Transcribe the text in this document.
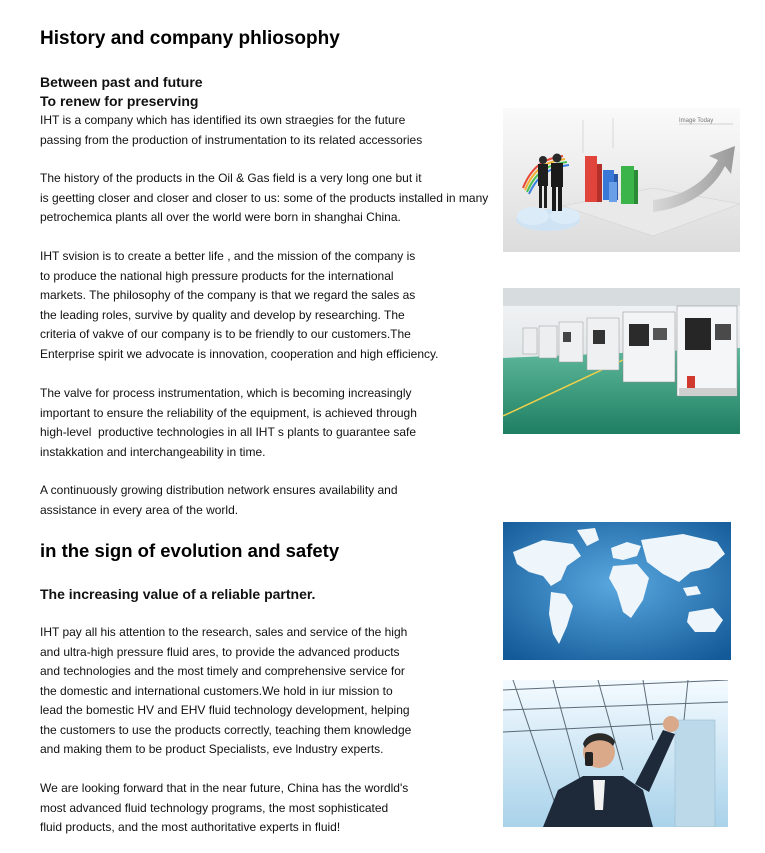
History and company phliosophy
Between past and future
To renew for preserving
IHT is a company which has identified its own straegies for the future
passing from the production of instrumentation to its related accessories
The history of the products in the Oil & Gas field is a very long one but it
is geetting closer and closer and closer to us: some of the products installed in many
petrochemica plants all over the world were born in shanghai China.
IHT svision is to create a better life , and the mission of the company is
to produce the national high pressure products for the international
markets. The philosophy of the company is that we regard the sales as
the leading roles, survive by quality and develop by researching. The
criteria of vakve of our company is to be friendly to our customers.The
Enterprise spirit we advocate is innovation, cooperation and high efficiency.
The valve for process instrumentation, which is becoming increasingly
important to ensure the reliability of the equipment, is achieved through
high-level  productive technologies in all IHT s plants to guarantee safe
instakkation and interchangeability in time.
A continuously growing distribution network ensures availability and
assistance in every area of the world.
in the sign of evolution and safety
The increasing value of a reliable partner.
IHT pay all his attention to the research, sales and service of the high
and ultra-high pressure fluid ares, to provide the advanced products
and technologies and the most timely and comprehensive service for
the domestic and international customers.We hold in iur mission to
lead the bomestic HV and EHV fluid technology development, helping
the customers to use the products correctly, teaching them knowledge
and making them to be product Specialists, eve lndustry experts.
We are looking forward that in the near future, China has the wordld's
most advanced fluid technology programs, the most sophisticated
fluid products, and the most authoritative experts in fluid!
Image Today
